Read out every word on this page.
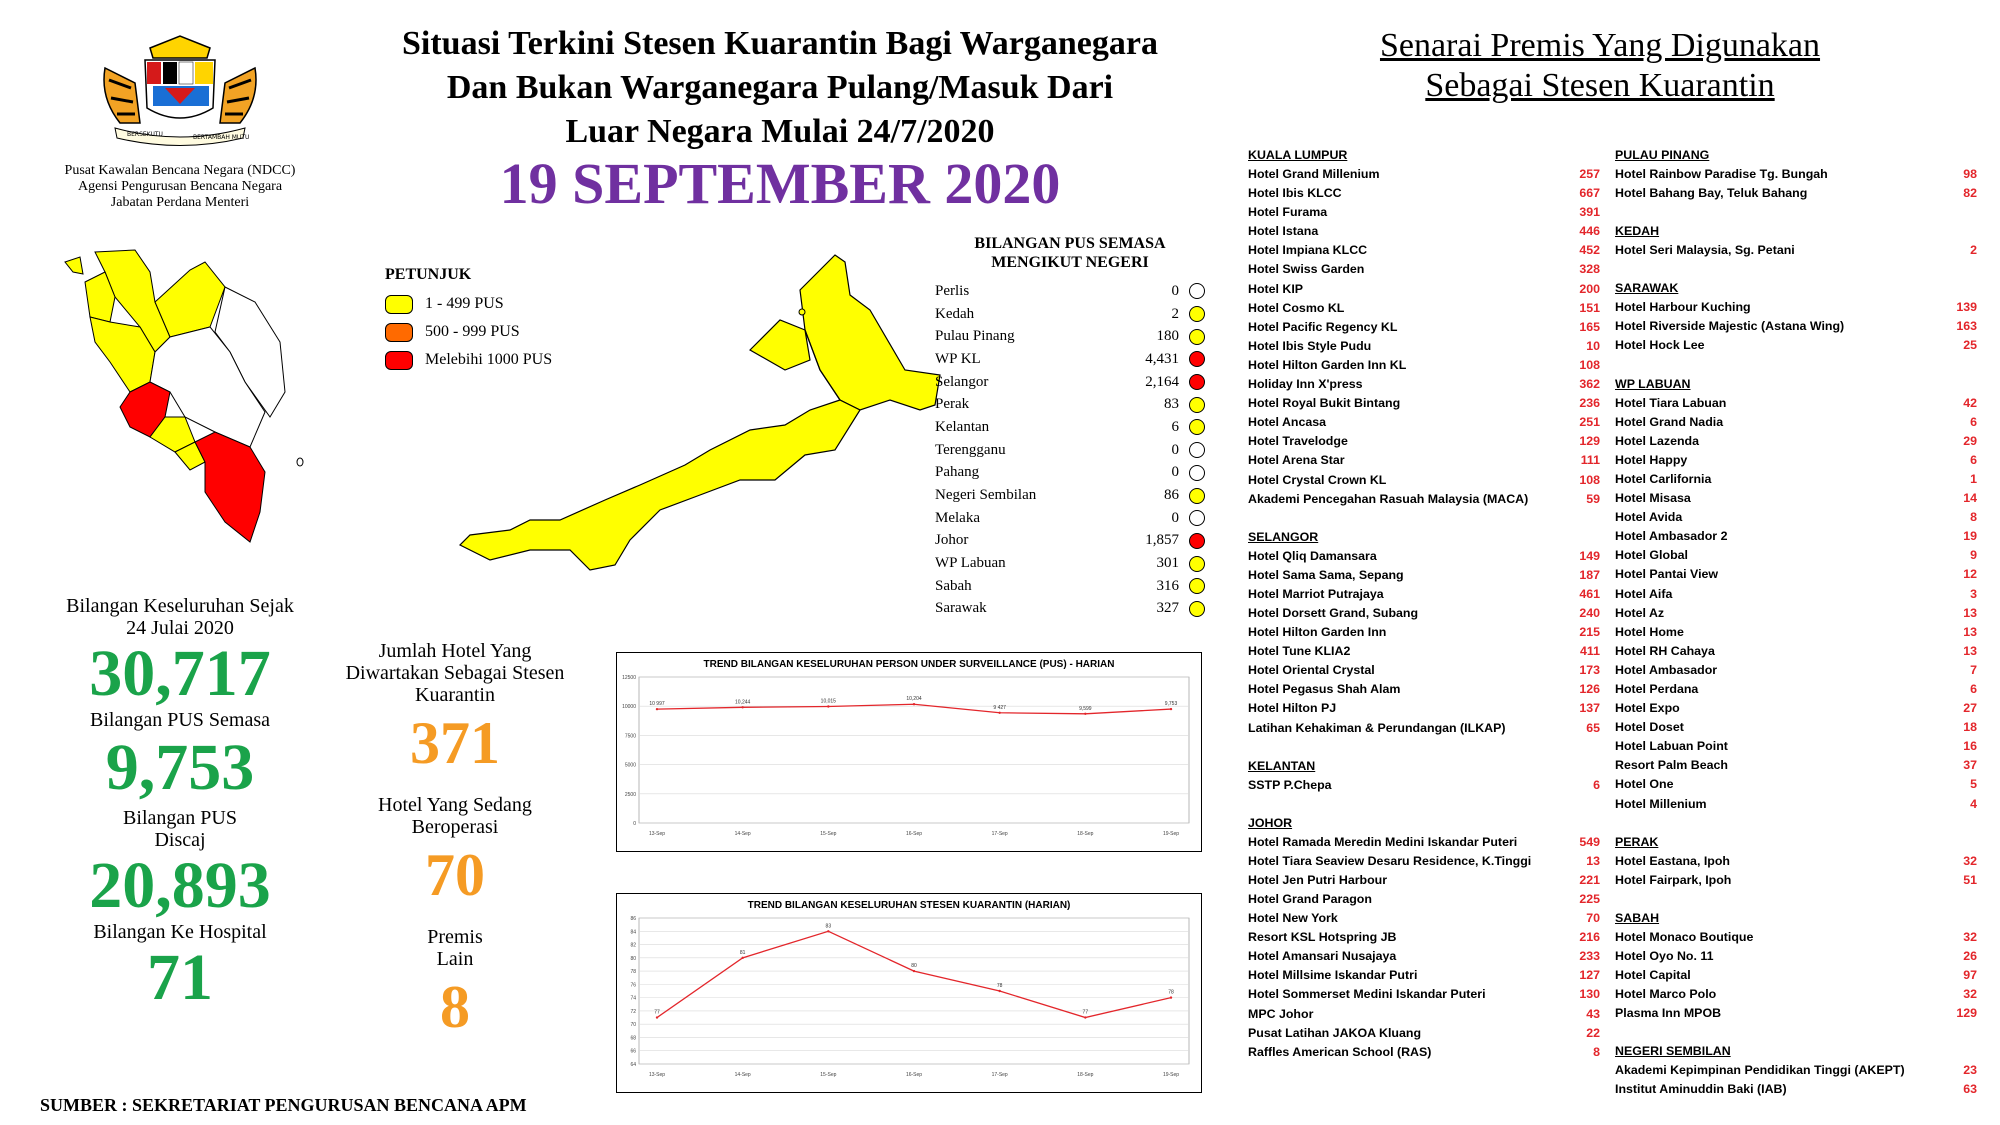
BERSEKUTU	BERTAMBAH MUTU
Pusat Kawalan Bencana Negara (NDCC)
Agensi Pengurusan Bencana Negara
Jabatan Perdana Menteri
Situasi Terkini Stesen Kuarantin Bagi Warganegara
Dan Bukan Warganegara Pulang/Masuk Dari
Luar Negara Mulai 24/7/2020
19 SEPTEMBER 2020
PETUNJUK
1 - 499 PUS
500 - 999 PUS
Melebihi 1000 PUS
BILANGAN PUS SEMASA
MENGIKUT NEGERI
Perlis	0
Kedah	2
Pulau Pinang	180
WP KL	4,431
Selangor	2,164
Perak	83
Kelantan	6
Terengganu	0
Pahang	0
Negeri Sembilan	86
Melaka	0
Johor	1,857
WP Labuan	301
Sabah	316
Sarawak	327
Bilangan Keseluruhan Sejak
24 Julai 2020
30,717
Bilangan PUS Semasa
9,753
Bilangan PUS
Discaj
20,893
Bilangan Ke Hospital
71
Jumlah Hotel Yang
Diwartakan Sebagai Stesen
Kuarantin
371
Hotel Yang Sedang
Beroperasi
70
Premis
Lain
8
TREND BILANGAN KESELURUHAN PERSON UNDER SURVEILLANCE (PUS) - HARIAN
0
2500
5000
7500
10000
12500
13-Sep	14-Sep	15-Sep	16-Sep	17-Sep	18-Sep	19-Sep
10 997	10,244	10,015	10,204
9 427	9,599
9,753
TREND BILANGAN KESELURUHAN STESEN KUARANTIN (HARIAN)
64
66
68
70
72
74
76
78
80
82
84
86
13-Sep	14-Sep	15-Sep	16-Sep	17-Sep	18-Sep	19-Sep
77
81
83
80
78
77
78
SUMBER : SEKRETARIAT PENGURUSAN BENCANA APM
Senarai Premis Yang Digunakan
Sebagai Stesen Kuarantin
KUALA LUMPUR
Hotel Grand Millenium	257
Hotel Ibis KLCC	667
Hotel Furama	391
Hotel Istana	446
Hotel Impiana KLCC	452
Hotel Swiss Garden	328
Hotel KIP	200
Hotel Cosmo KL	151
Hotel Pacific Regency KL	165
Hotel Ibis Style Pudu	10
Hotel Hilton Garden Inn KL	108
Holiday Inn X'press	362
Hotel Royal Bukit Bintang	236
Hotel Ancasa	251
Hotel Travelodge	129
Hotel Arena Star	111
Hotel Crystal Crown KL	108
Akademi Pencegahan Rasuah Malaysia (MACA)	59
SELANGOR
Hotel Qliq Damansara	149
Hotel Sama Sama, Sepang	187
Hotel Marriot Putrajaya	461
Hotel Dorsett Grand, Subang	240
Hotel Hilton Garden Inn	215
Hotel Tune KLIA2	411
Hotel Oriental Crystal	173
Hotel Pegasus Shah Alam	126
Hotel Hilton PJ	137
Latihan Kehakiman & Perundangan (ILKAP)	65
KELANTAN
SSTP P.Chepa	6
JOHOR
Hotel Ramada Meredin Medini Iskandar Puteri	549
Hotel Tiara Seaview Desaru Residence, K.Tinggi	13
Hotel Jen Putri Harbour	221
Hotel Grand Paragon	225
Hotel New York	70
Resort KSL Hotspring JB	216
Hotel Amansari Nusajaya	233
Hotel Millsime Iskandar Putri	127
Hotel Sommerset Medini Iskandar Puteri	130
MPC Johor	43
Pusat Latihan JAKOA Kluang	22
Raffles American School (RAS)	8
PULAU PINANG
Hotel Rainbow Paradise Tg. Bungah	98
Hotel Bahang Bay, Teluk Bahang	82
KEDAH
Hotel Seri Malaysia, Sg. Petani	2
SARAWAK
Hotel Harbour Kuching	139
Hotel Riverside Majestic (Astana Wing)	163
Hotel Hock Lee	25
WP LABUAN
Hotel Tiara Labuan	42
Hotel Grand Nadia	6
Hotel Lazenda	29
Hotel Happy	6
Hotel Carlifornia	1
Hotel Misasa	14
Hotel Avida	8
Hotel Ambasador 2	19
Hotel Global	9
Hotel Pantai View	12
Hotel Aifa	3
Hotel Az	13
Hotel Home	13
Hotel RH Cahaya	13
Hotel Ambasador	7
Hotel Perdana	6
Hotel Expo	27
Hotel Doset	18
Hotel Labuan Point	16
Resort Palm Beach	37
Hotel One	5
Hotel Millenium	4
PERAK
Hotel Eastana, Ipoh	32
Hotel Fairpark, Ipoh	51
SABAH
Hotel Monaco Boutique	32
Hotel Oyo No. 11	26
Hotel Capital	97
Hotel Marco Polo	32
Plasma Inn MPOB	129
NEGERI SEMBILAN
Akademi Kepimpinan Pendidikan Tinggi (AKEPT)	23
Institut Aminuddin Baki (IAB)	63
